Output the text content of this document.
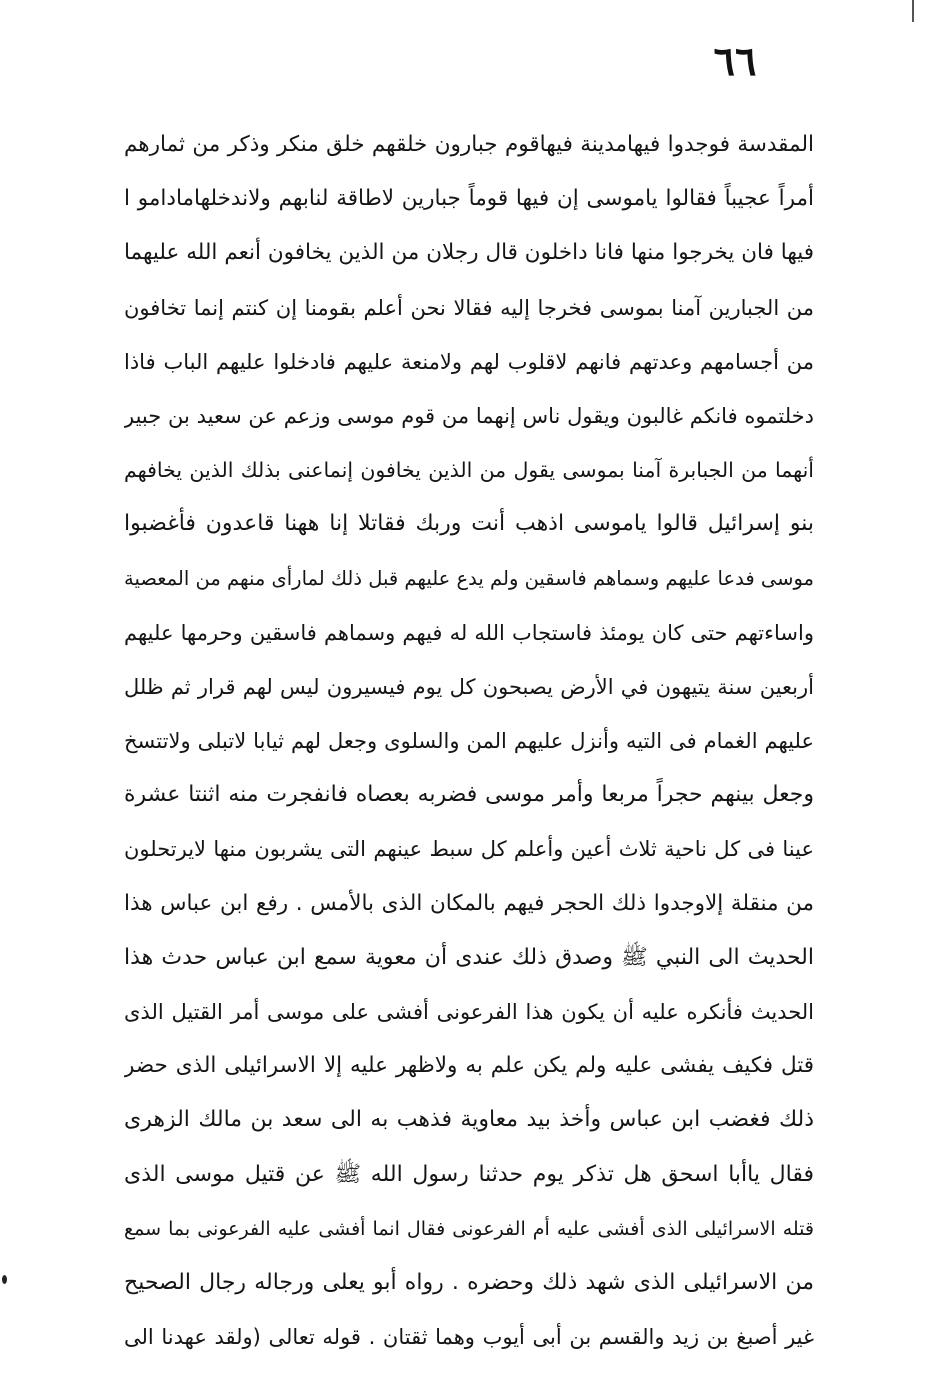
٦٦
المقدسة فوجدوا فيهامدينة فيهاقوم جبارون خلقهم خلق منكر وذكر من ثمارهم
أمراً عجيباً فقالوا ياموسى إن فيها قوماً جبارين لاطاقة لنابهم ولاندخلهامادامو ا
فيها فان يخرجوا منها فانا داخلون قال رجلان من الذين يخافون أنعم الله عليهما
من الجبارين آمنا بموسى فخرجا إليه فقالا نحن أعلم بقومنا إن كنتم إنما تخافون
من أجسامهم وعدتهم فانهم لاقلوب لهم ولامنعة عليهم فادخلوا عليهم الباب فاذا
دخلتموه فانكم غالبون ويقول ناس إنهما من قوم موسى وزعم عن سعيد بن جبير
أنهما من الجبابرة آمنا بموسى يقول من الذين يخافون إنماعنى بذلك الذين يخافهم
بنو إسرائيل قالوا ياموسى اذهب أنت وربك فقاتلا إنا ههنا قاعدون فأغضبوا
موسى فدعا عليهم وسماهم فاسقين ولم يدع عليهم قبل ذلك لمارأى منهم من المعصية
واساءتهم حتى كان يومئذ فاستجاب الله له فيهم وسماهم فاسقين وحرمها عليهم
أربعين سنة يتيهون في الأرض يصبحون كل يوم فيسيرون ليس لهم قرار ثم ظلل
عليهم الغمام فى التيه وأنزل عليهم المن والسلوى وجعل لهم ثيابا لاتبلى ولاتتسخ
وجعل بينهم حجراً مربعا وأمر موسى فضربه بعصاه فانفجرت منه اثنتا عشرة
عينا فى كل ناحية ثلاث أعين وأعلم كل سبط عينهم التى يشربون منها لايرتحلون
من منقلة إلاوجدوا ذلك الحجر فيهم بالمكان الذى بالأمس . رفع ابن عباس هذا
الحديث الى النبي ﷺ وصدق ذلك عندى أن معوية سمع ابن عباس حدث هذا
الحديث فأنكره عليه أن يكون هذا الفرعونى أفشى على موسى أمر القتيل الذى
قتل فكيف يفشى عليه ولم يكن علم به ولاظهر عليه إلا الاسرائيلى الذى حضر
ذلك فغضب ابن عباس وأخذ بيد معاوية فذهب به الى سعد بن مالك الزهرى
فقال ياأبا اسحق هل تذكر يوم حدثنا رسول الله ﷺ عن قتيل موسى الذى
قتله الاسرائيلى الذى أفشى عليه أم الفرعونى فقال انما أفشى عليه الفرعونى بما سمع
من الاسرائيلى الذى شهد ذلك وحضره . رواه أبو يعلى ورجاله رجال الصحيح
غير أصبغ بن زيد والقسم بن أبى أيوب وهما ثقتان . قوله تعالى (ولقد عهدنا الى
